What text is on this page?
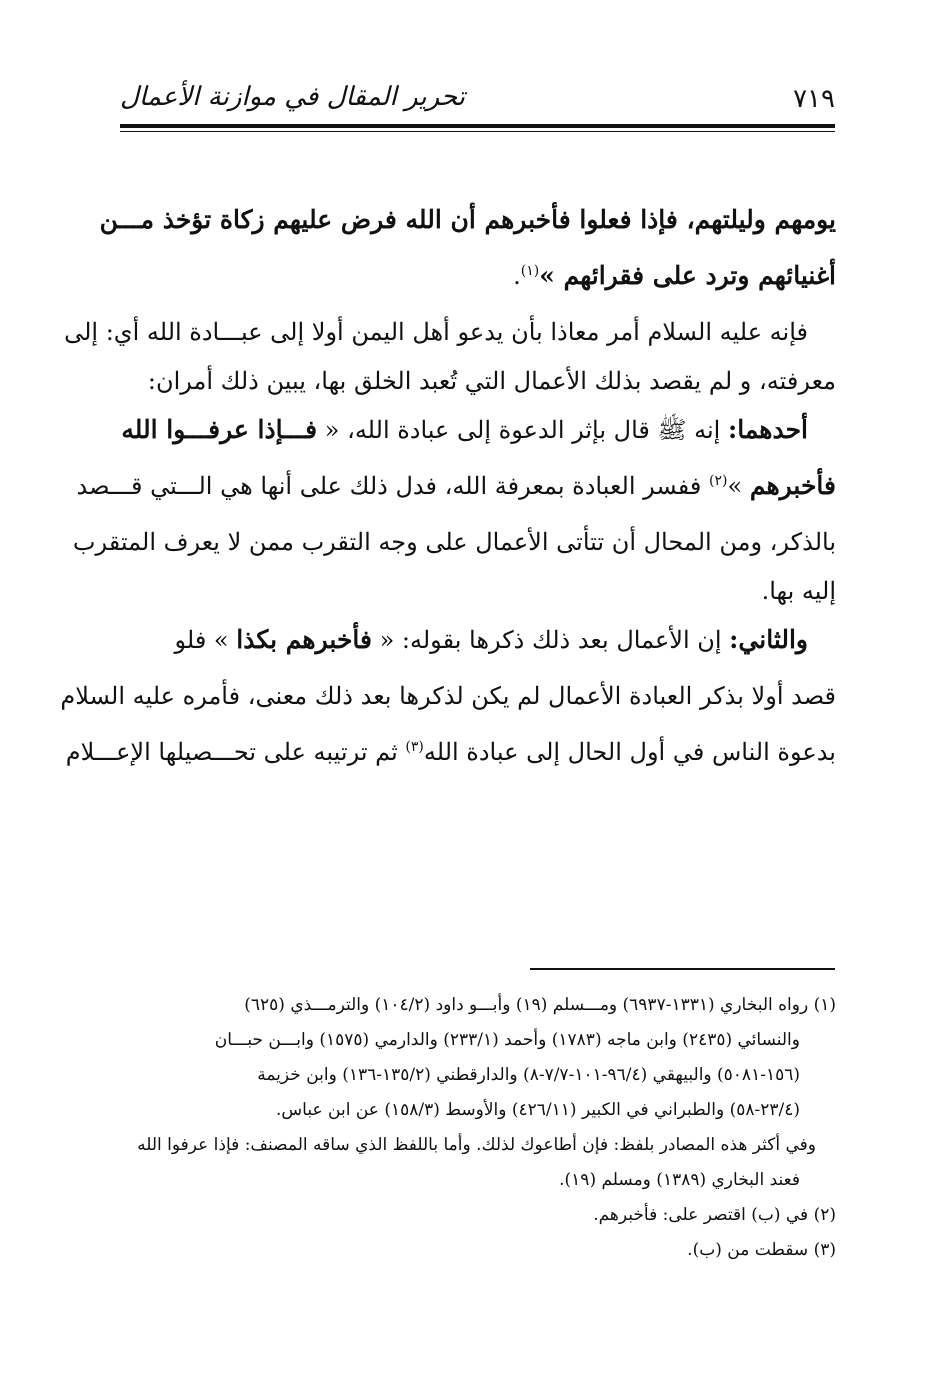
٧١٩
تحرير المقال في موازنة الأعمال
يومهم وليلتهم، فإذا فعلوا فأخبرهم أن الله فرض عليهم زكاة تؤخذ مـــن
أغنيائهم وترد على فقرائهم »$^{(١)}$.
فإنه عليه السلام أمر معاذا بأن يدعو أهل اليمن أولا إلى عبـــادة الله أي: إلى
معرفته، و لم يقصد بذلك الأعمال التي تُعبد الخلق بها، يبين ذلك أمران:
أحدهما: إنه ﷺ قال بإثر الدعوة إلى عبادة الله، « فـــإذا عرفـــوا الله
فأخبرهم »$^{(٢)}$ ففسر العبادة بمعرفة الله، فدل ذلك على أنها هي الـــتي قـــصد
بالذكر، ومن المحال أن تتأتى الأعمال على وجه التقرب ممن لا يعرف المتقرب
إليه بها.
والثاني: إن الأعمال بعد ذلك ذكرها بقوله: « فأخبرهم بكذا » فلو
قصد أولا بذكر العبادة الأعمال لم يكن لذكرها بعد ذلك معنى، فأمره عليه السلام
بدعوة الناس في أول الحال إلى عبادة الله$^{(٣)}$ ثم ترتيبه على تحـــصيلها الإعـــلام
(١) رواه البخاري (١٣٣١-٦٩٣٧) ومـــسلم (١٩) وأبـــو داود (١٠٤/٢) والترمـــذي (٦٢٥)
والنسائي (٢٤٣٥) وابن ماجه (١٧٨٣) وأحمد (٢٣٣/١) والدارمي (١٥٧٥) وابـــن حبـــان
(١٥٦-٥٠٨١) والبيهقي (٩٦/٤-١٠١-٧/٧-٨) والدارقطني (١٣٥/٢-١٣٦) وابن خزيمة
(٢٣/٤-٥٨) والطبراني في الكبير (٤٢٦/١١) والأوسط (١٥٨/٣) عن ابن عباس.
وفي أكثر هذه المصادر بلفظ: فإن أطاعوك لذلك. وأما باللفظ الذي ساقه المصنف: فإذا عرفوا الله
فعند البخاري (١٣٨٩) ومسلم (١٩).
(٢) في (ب) اقتصر على: فأخبرهم.
(٣) سقطت من (ب).
